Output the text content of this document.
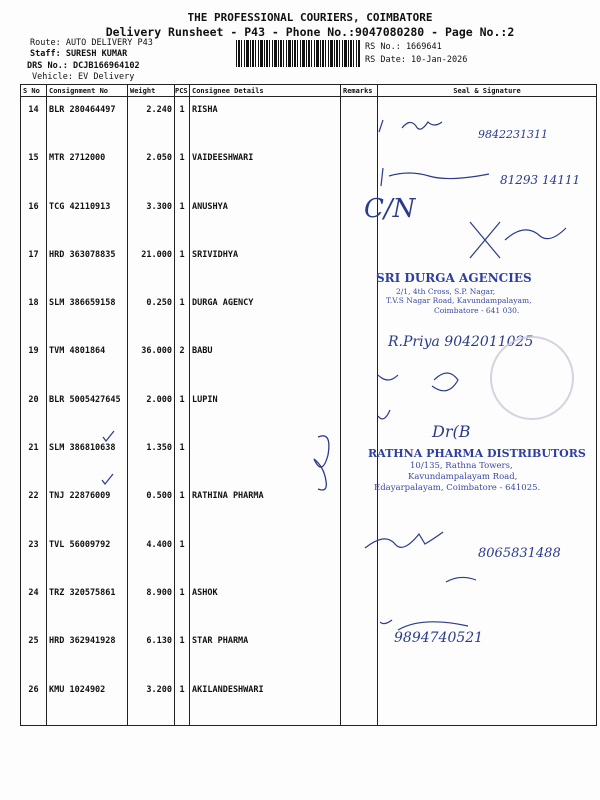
THE PROFESSIONAL COURIERS, COIMBATORE
Delivery Runsheet - P43 - Phone No.:9047080280 - Page No.:2
Route: AUTO DELIVERY P43
Staff: SURESH KUMAR
DRS No.: DCJB166964102
Vehicle: EV Delivery
RS No.: 1669641
RS Date: 10-Jan-2026
S No	Consignment No	Weight	PCS	Consignee Details	Remarks	Seal & Signature
14	BLR 280464497	2.240	1	RISHA		
15	MTR 2712000	2.050	1	VAIDEESHWARI		
16	TCG 42110913	3.300	1	ANUSHYA		
17	HRD 363078835	21.000	1	SRIVIDHYA		
18	SLM 386659158	0.250	1	DURGA AGENCY		
19	TVM 4801864	36.000	2	BABU		
20	BLR 5005427645	2.000	1	LUPIN		
21	SLM 386810638	1.350	1			
22	TNJ 22876009	0.500	1	RATHINA PHARMA		
23	TVL 56009792	4.400	1			
24	TRZ 320575861	8.900	1	ASHOK		
25	HRD 362941928	6.130	1	STAR PHARMA		
26	KMU 1024902	3.200	1	AKILANDESHWARI		
9842231311
81293 14111
C/N
R.Priya 9042011025
Dr(B
8065831488
9894740521
SRI DURGA AGENCIES
2/1, 4th Cross, S.P. Nagar,
T.V.S Nagar Road, Kavundampalayam,
Coimbatore - 641 030.
RATHNA PHARMA DISTRIBUTORS
10/135, Rathna Towers,
Kavundampalayam Road,
Edayarpalayam, Coimbatore - 641025.
